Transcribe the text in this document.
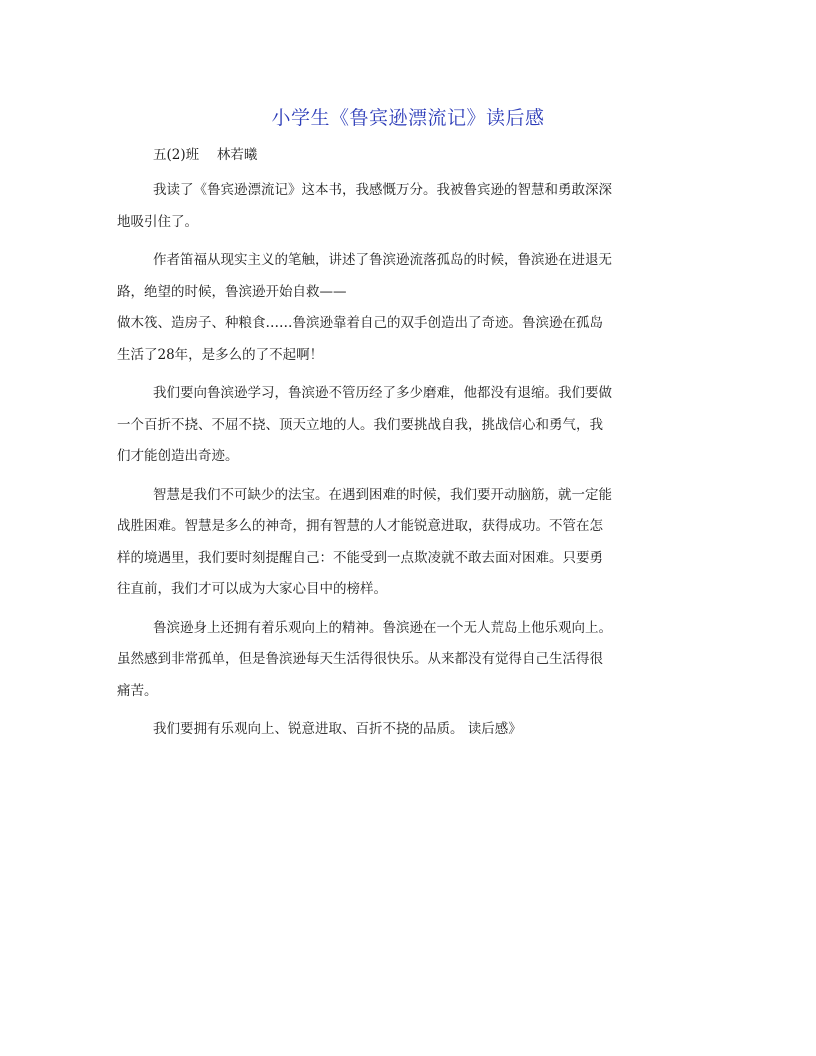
小学生《鲁宾逊漂流记》读后感
五(2)班　 林若曦

我读了《鲁宾逊漂流记》这本书，我感慨万分。我被鲁宾逊的智慧和勇敢深深
地吸引住了。

作者笛福从现实主义的笔触，讲述了鲁滨逊流落孤岛的时候，鲁滨逊在进退无
路，绝望的时候，鲁滨逊开始自救——
做木筏、造房子、种粮食……鲁滨逊靠着自己的双手创造出了奇迹。鲁滨逊在孤岛
生活了28年，是多么的了不起啊！

我们要向鲁滨逊学习，鲁滨逊不管历经了多少磨难，他都没有退缩。我们要做
一个百折不挠、不屈不挠、顶天立地的人。我们要挑战自我，挑战信心和勇气，我
们才能创造出奇迹。

智慧是我们不可缺少的法宝。在遇到困难的时候，我们要开动脑筋，就一定能
战胜困难。智慧是多么的神奇，拥有智慧的人才能锐意进取，获得成功。不管在怎
样的境遇里，我们要时刻提醒自己：不能受到一点欺凌就不敢去面对困难。只要勇
往直前，我们才可以成为大家心目中的榜样。

鲁滨逊身上还拥有着乐观向上的精神。鲁滨逊在一个无人荒岛上他乐观向上。
虽然感到非常孤单，但是鲁滨逊每天生活得很快乐。从来都没有觉得自己生活得很
痛苦。

我们要拥有乐观向上、锐意进取、百折不挠的品质。 读后感》
